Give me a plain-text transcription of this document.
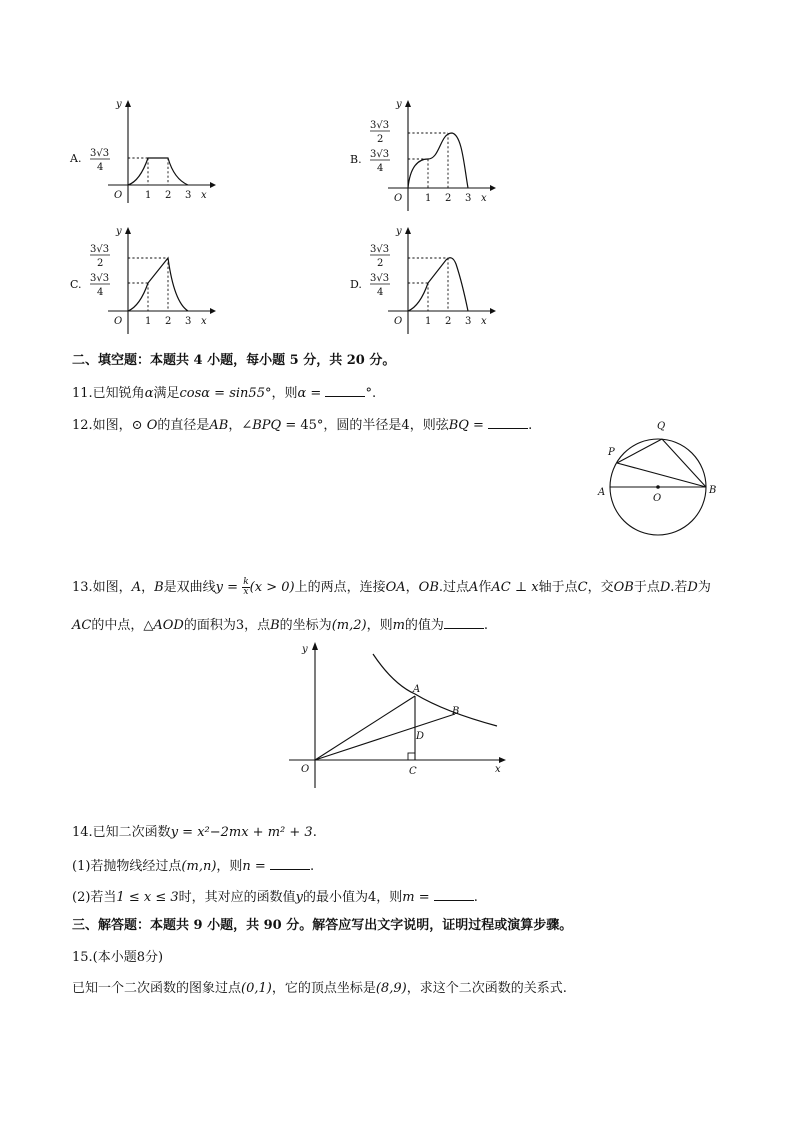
A.
y
x
O 1 2 3
3√3
4
B.
y
x
O 1 2 3
3√3
2
3√3
4
C.
y
x
O 1 2 3
3√3
2
3√3
4
D.
y
x
O 1 2 3
3√3
2
3√3
4
二、填空题：本题共 4 小题，每小题 5 分，共 20 分。
11.已知锐角α满足cosα = sin55°，则α =	°.
12.如图，⊙ O的直径是AB，∠BPQ = 45°，圆的半径是4，则弦BQ =	.
P
Q
A
O
B
13.如图，A，B是双曲线$y = \frac{k}{x} (x > 0)$上的两点，连接OA，OB.过点A作AC ⊥ x轴于点C，交OB于点D.若D为
AC的中点，△AOD的面积为3，点B的坐标为(m,2)，则m的值为	.
y
x
O
A
B
D
C
14.已知二次函数y = x²−2mx + m² + 3.
(1)若抛物线经过点(m,n)，则n =	.
(2)若当1 ≤ x ≤ 3时，其对应的函数值y的最小值为4，则m =	.
三、解答题：本题共 9 小题，共 90 分。解答应写出文字说明，证明过程或演算步骤。
15.(本小题8分)
已知一个二次函数的图象过点(0,1)，它的顶点坐标是(8,9)，求这个二次函数的关系式.
